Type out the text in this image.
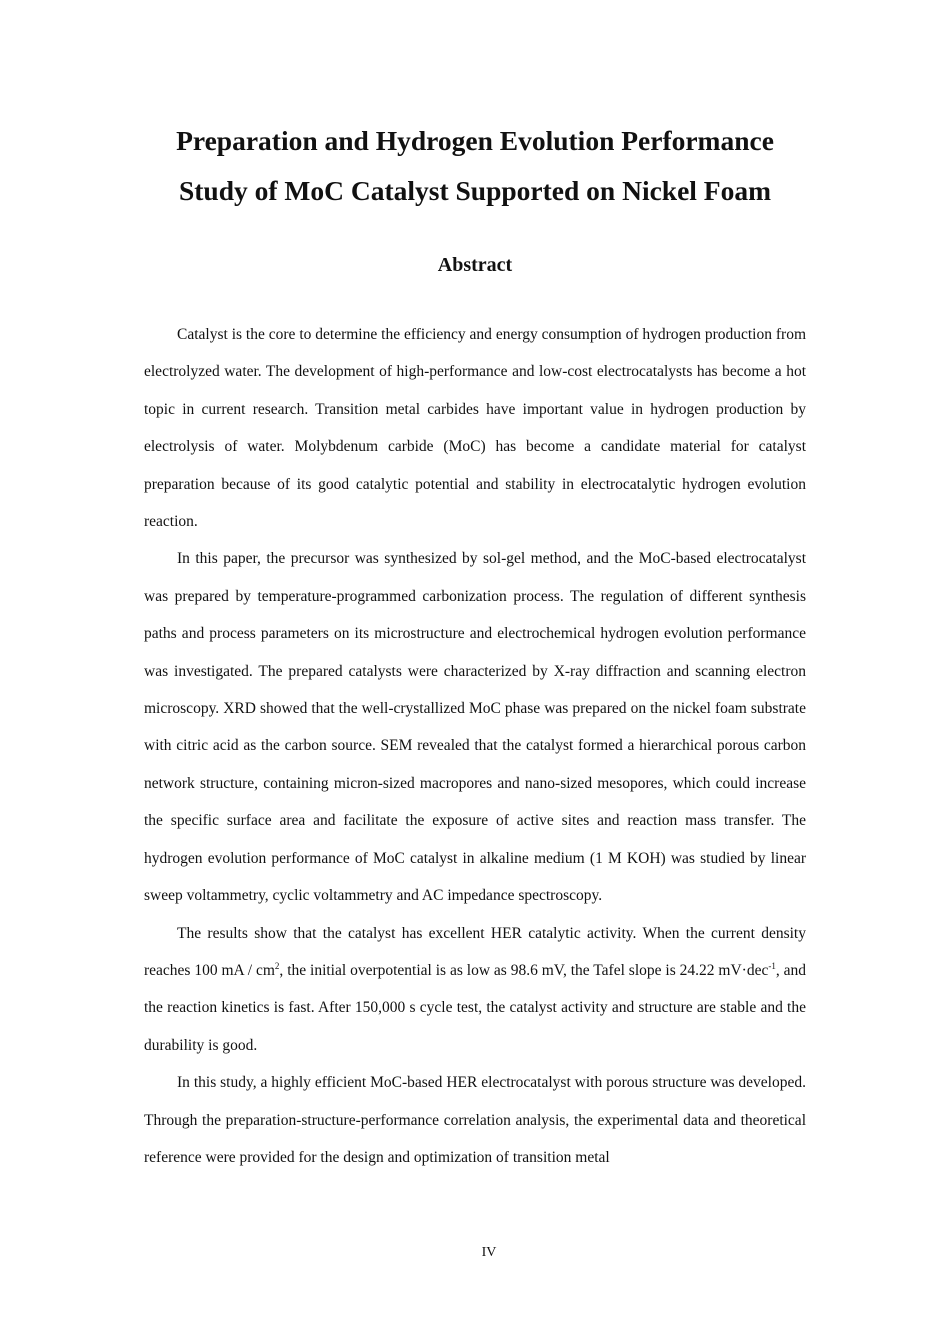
Preparation and Hydrogen Evolution Performance
Study of MoC Catalyst Supported on Nickel Foam
Abstract

Catalyst is the core to determine the efficiency and energy consumption of hydrogen production from electrolyzed water. The development of high-performance and low-cost electrocatalysts has become a hot topic in current research. Transition metal carbides have important value in hydrogen production by electrolysis of water. Molybdenum carbide (MoC) has become a candidate material for catalyst preparation because of its good catalytic potential and stability in electrocatalytic hydrogen evolution reaction.

In this paper, the precursor was synthesized by sol-gel method, and the MoC-based electrocatalyst was prepared by temperature-programmed carbonization process. The regulation of different synthesis paths and process parameters on its microstructure and electrochemical hydrogen evolution performance was investigated. The prepared catalysts were characterized by X-ray diffraction and scanning electron microscopy. XRD showed that the well-crystallized MoC phase was prepared on the nickel foam substrate with citric acid as the carbon source. SEM revealed that the catalyst formed a hierarchical porous carbon network structure, containing micron-sized macropores and nano-sized mesopores, which could increase the specific surface area and facilitate the exposure of active sites and reaction mass transfer. The hydrogen evolution performance of MoC catalyst in alkaline medium (1 M KOH) was studied by linear sweep voltammetry, cyclic voltammetry and AC impedance spectroscopy.

The results show that the catalyst has excellent HER catalytic activity. When the current density reaches 100 mA / $cm^2$, the initial overpotential is as low as 98.6 mV, the Tafel slope is 24.22 mV·dec$^{-1}$, and the reaction kinetics is fast. After 150,000 s cycle test, the catalyst activity and structure are stable and the durability is good.

In this study, a highly efficient MoC-based HER electrocatalyst with porous structure was developed. Through the preparation-structure-performance correlation analysis, the experimental data and theoretical reference were provided for the design and optimization of transition metal

IV
